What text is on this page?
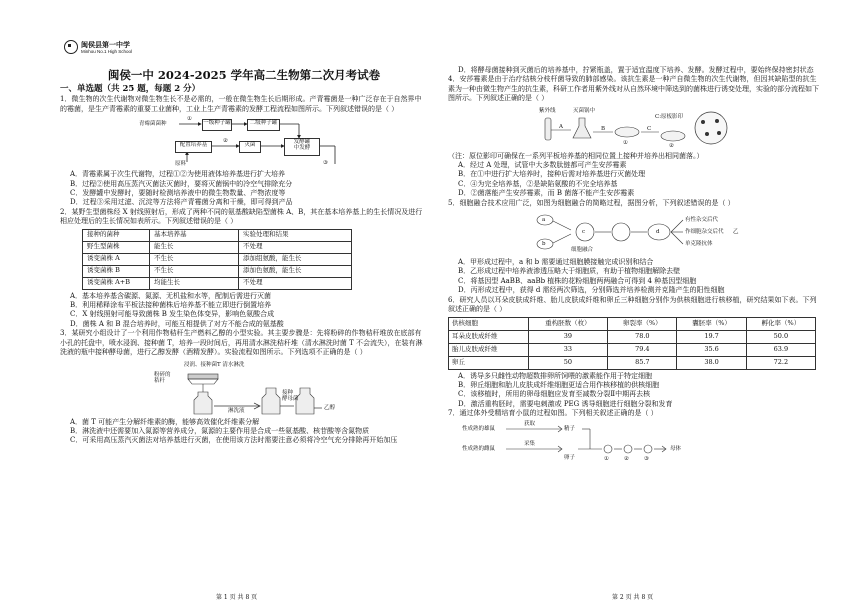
闽侯县第一中学
Minhou No.1 High School
闽侯一中 2024-2025 学年高二生物第二次月考试卷
一、单选题（共 25 题，每题 2 分）

1．微生物的次生代谢物对微生物生长不是必需的，一般在微生物生长后期形成。产青霉菌是一种广泛存在于自然界中的霉菌，是生产青霉素的重要工业菌种，工业上生产青霉素的发酵工程流程如图所示。下列叙述错误的是（ ）

青霉菌菌种
①
一级种子罐	二级种子罐
配置培养基
②
灭菌	发酵罐
中发酵
原料	③

A．青霉素属于次生代谢物，过程①②为使用液体培养基进行扩大培养

B．过程②使用高压蒸汽灭菌法灭菌时，要将灭菌锅中的冷空气排除充分

C．发酵罐中发酵时，要随时检测培养液中的微生物数量、产物浓度等

D．过程③采用过滤、沉淀等方法将产青霉菌分离和干燥，即可得到产品

2．某野生型菌株经 X 射线照射后，形成了两种不同的氨基酸缺陷型菌株 A、B，其在基本培养基上的生长情况及进行相应处理后的生长情况如表所示。下列叙述错误的是（ ）

接种的菌种	基本培养基	实验处理和结果
野生型菌株	能生长	不处理
诱变菌株 A	不生长	添加组氨酸，能生长
诱变菌株 B	不生长	添加色氨酸，能生长
诱变菌株 A+B	均能生长	不处理

A．基本培养基含碳源、氮源、无机盐和水等，配制后需进行灭菌

B．利用稀释涂布平板法接种菌株后培养基不能立即进行倒置培养

C．X 射线照射可能导致菌株 B 发生染色体变异，影响色氨酸合成

D．菌株 A 和 B 混合培养时，可能互相提供了对方不能合成的氨基酸

3．某研究小组设计了一个利用作物秸秆生产燃料乙醇的小型实验。其主要步骤是：先将粉碎的作物秸秆堆放在底部有小孔的托盘中，喷水浸润、接种菌 T，培养一段时间后，再用清水淋洗秸秆堆（清水淋洗时菌 T 不会流失），在装有淋洗液的瓶中接种酵母菌，进行乙醇发酵（酒精发酵）。实验流程如图所示。下列选项不正确的是（ ）

浸润、接种菌T 清水淋洗
粉碎的
秸秆
淋洗液
接种
酵母菌
乙醇

A．菌 T 可能产生分解纤维素的酶，能够高效催化纤维素分解

B．淋洗液中还需要加入氮源等营养成分，氮源的主要作用是合成一些氨基酸、核苷酸等含氮物质

C．可采用高压蒸汽灭菌法对培养基进行灭菌，在使用该方法时需要注意必须将冷空气充分排除再开始加压

第 1 页 共 8 页

D．将酵母菌接种到灭菌后的培养基中，拧紧瓶盖，置于适宜温度下培养、发酵。发酵过程中，要始终保持密封状态

4．安莎霉素是由于治疗结核分枝杆菌导致的肺部感染。该抗生素是一种产自微生物的次生代谢物，但因其缺陷型的抗生素为一种由微生物产生的抗生素，科研工作者用紫外线对从自然环境中筛选到的菌株进行诱变处理，实验的部分流程如下图所示。下列叙述正确的是（ ）

紫外线	灭菌锅中
A	B	C
①	②
C:原板影印

（注：原位影印可确保在一系列平板培养基的相同位置上接种并培养出相同菌落。）

A．经过 A 处理，试管中大多数肽链都可产生安莎霉素

B．在①中进行扩大培养时，接种后需对培养基进行灭菌处理

C．④为完全培养基，②是缺陷氨酸的不完全培养基

D．②菌落能产生安莎霉素，而 B 菌落不能产生安莎霉素

5．细胞融合技术应用广泛，如图为细胞融合的简略过程，据图分析，下列叙述错误的是（ ）

a
b
c	d
细胞融合
有性杂交后代
作细胞杂交后代 乙
单克隆抗体

A．甲形成过程中，a 和 b 需要通过细胞膜接触完成识别和结合

B．乙形成过程中培养液渗透压略大于细胞质，有助于植物细胞解除去壁

C．将基因型 AaBB、aaBb 植株的花粉细胞两两融合可得到 4 种基因型细胞

D．丙形成过程中，获得 d 需经两次筛选，分别筛选并培养检测并克隆产生的阳性细胞

6．研究人员以耳朵皮肤成纤维、胎儿皮肤成纤维和卵丘三种细胞分别作为供核细胞进行核移植，研究结果如下表。下列叙述正确的是（ ）

供核细胞	重构胚数（枚）	卵裂率（%）	囊胚率（%）	孵化率（%）
耳朵皮肤成纤维	39	78.0	19.7	50.0
胎儿皮肤成纤维	33	79.4	35.6	63.9
卵丘	50	85.7	38.0	72.2

A．诱导多只雌性动物超数排卵所饲喂的激素能作用于特定细胞

B．卵丘细胞和胎儿皮肤成纤维细胞更适合用作核移植的供核细胞

C．该移植时，所用的卵母细胞应发育至减数分裂Ⅱ中期再去核

D．激活重构胚时，需要电刺激或 PEG 诱导细胞进行细胞分裂和发育

7．通过体外受精培育小鼠的过程如图。下列相关叙述正确的是（ ）

性成熟的雄鼠
获取
精子
性成熟的雌鼠
采集
卵子	①	②	③
母体
第 2 页 共 8 页
